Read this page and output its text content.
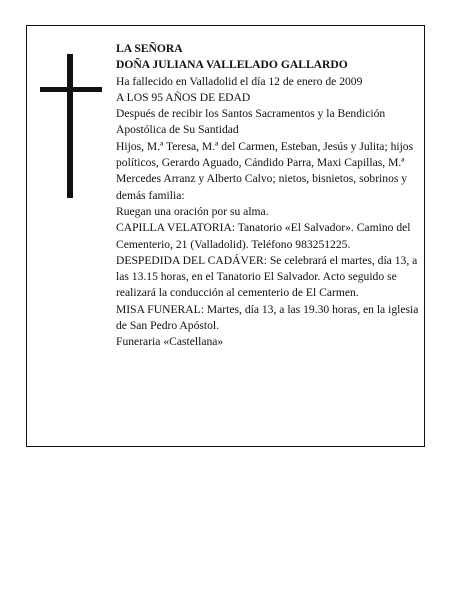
LA SEÑORA

DOÑA JULIANA VALLELADO GALLARDO

Ha fallecido en Valladolid el día 12 de enero de 2009

A LOS 95 AÑOS DE EDAD

Después de recibir los Santos Sacramentos y la Bendición Apostólica de Su Santidad

Hijos, M.ª Teresa, M.ª del Carmen, Esteban, Jesús y Julita; hijos políticos, Gerardo Aguado, Cándido Parra, Maxi Capillas, M.ª Mercedes Arranz y Alberto Calvo; nietos, bisnietos, sobrinos y demás familia:

Ruegan una oración por su alma.

CAPILLA VELATORIA: Tanatorio «El Salvador». Camino del Cementerio, 21 (Valladolid). Teléfono 983251225.

DESPEDIDA DEL CADÁVER: Se celebrará el martes, día 13, a las 13.15 horas, en el Tanatorio El Salvador. Acto seguido se realizará la conducción al cementerio de El Carmen.

MISA FUNERAL: Martes, día 13, a las 19.30 horas, en la iglesia de San Pedro Apóstol.

Funeraria «Castellana»
